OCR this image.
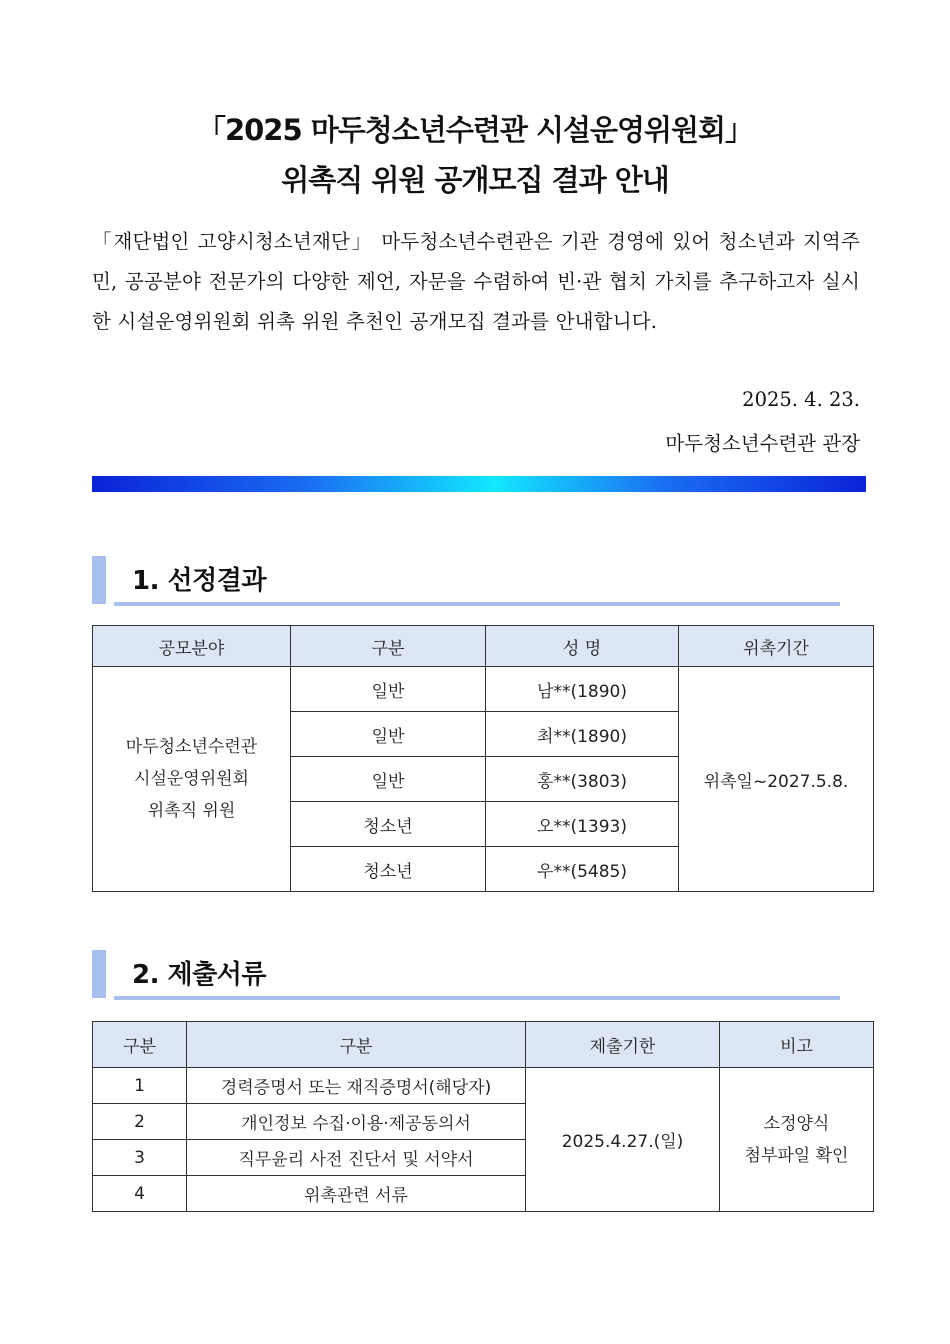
「2025 마두청소년수련관 시설운영위원회」
위촉직 위원 공개모집 결과 안내
「재단법인 고양시청소년재단」 마두청소년수련관은 기관 경영에 있어 청소년과 지역주민, 공공분야 전문가의 다양한 제언, 자문을 수렴하여 빈·관 협치 가치를 추구하고자 실시한 시설운영위원회 위촉 위원 추천인 공개모집 결과를 안내합니다.
2025. 4. 23.
마두청소년수련관 관장
1. 선정결과
공모분야	구분	성 명	위촉기간

마두청소년수련관
시설운영위원회
위촉직 위원	일반	남**(1890)	위촉일~2027.5.8.
	일반	최**(1890)	
	일반	홍**(3803)	
	청소년	오**(1393)	
	청소년	우**(5485)	
2. 제출서류
구분	구분	제출기한	비고
1	경력증명서 또는 재직증명서(해당자)	2025.4.27.(일)	소정양식
첨부파일 확인

2	개인정보 수집·이용·제공동의서		
3	직무윤리 사전 진단서 및 서약서		
4	위촉관련 서류		
